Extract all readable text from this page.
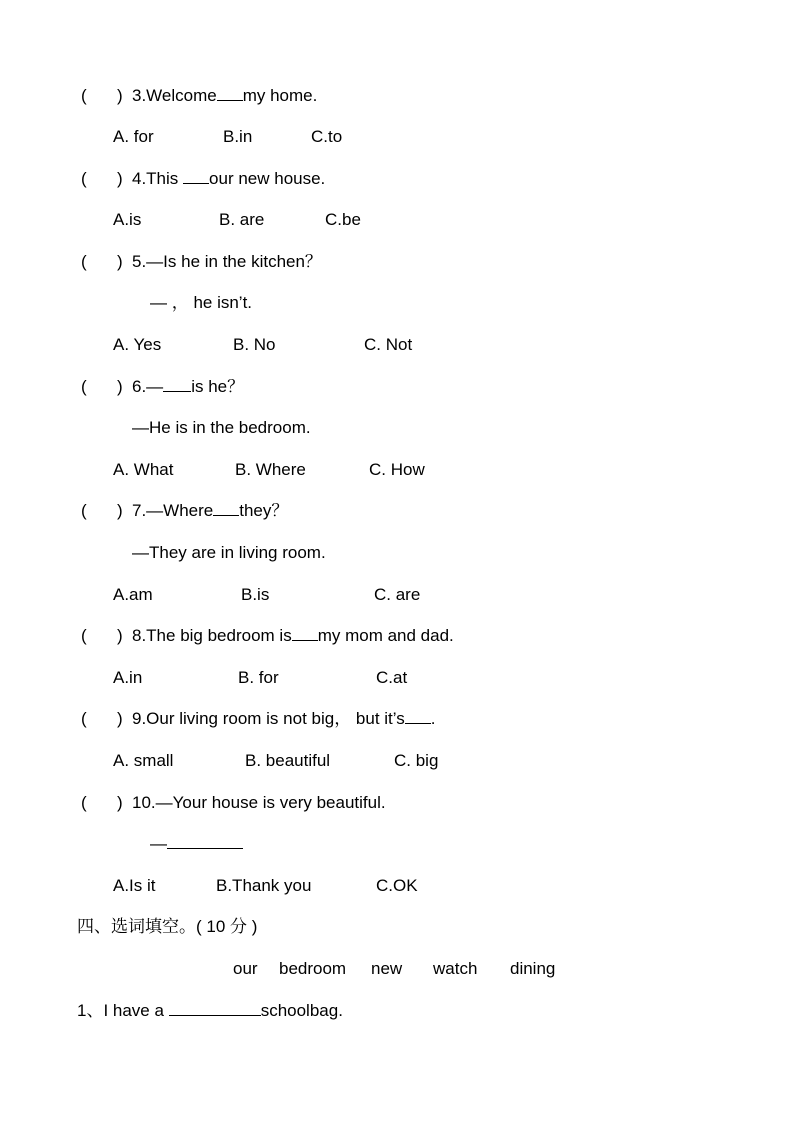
( ) 3.Welcome my home.
A. for	B.in	C.to
( ) 4.This our new house.
A.is	B. are	C.be
( ) 5.—Is he in the kitchen？
— ， he isn’t.
A. Yes	B. No	C. Not
( ) 6.— is he？
—He is in the bedroom.
A. What	B. Where	C. How
( ) 7.—Where they？
—They are in living room.
A.am	B.is	C. are
( ) 8.The big bedroom is my mom and dad.
A.in	B. for	C.at
( ) 9.Our living room is not big， but it’s .
A. small	B. beautiful	C. big
( ) 10.—Your house is very beautiful.
—
A.Is it	B.Thank you	C.OK
四、选词填空。( 10 分 )
our bedroom new watch dining
1、I have a	schoolbag.
